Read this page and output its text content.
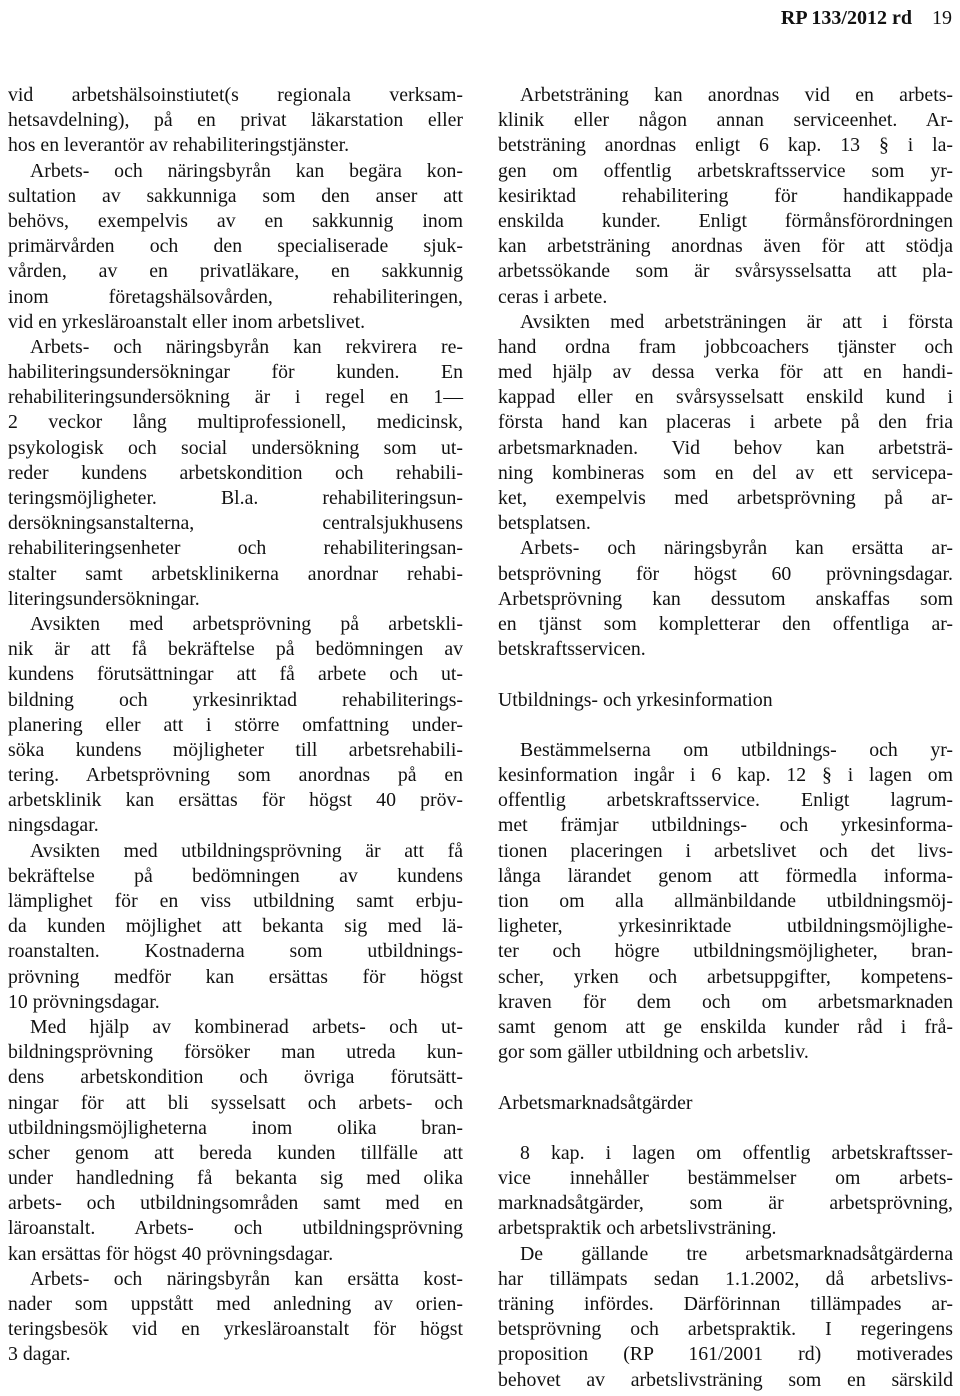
RP 133/2012 rd 19
vid arbetshälsoinstiutet(s regionala verksam-
hetsavdelning), på en privat läkarstation eller
hos en leverantör av rehabiliteringstjänster.
Arbets- och näringsbyrån kan begära kon-
sultation av sakkunniga som den anser att
behövs, exempelvis av en sakkunnig inom
primärvården och den specialiserade sjuk-
vården, av en privatläkare, en sakkunnig
inom företagshälsovården, rehabiliteringen,
vid en yrkesläroanstalt eller inom arbetslivet.
Arbets- och näringsbyrån kan rekvirera re-
habiliteringsundersökningar för kunden. En
rehabiliteringsundersökning är i regel en 1—
2 veckor lång multiprofessionell, medicinsk,
psykologisk och social undersökning som ut-
reder kundens arbetskondition och rehabili-
teringsmöjligheter. Bl.a. rehabiliteringsun-
dersökningsanstalterna, centralsjukhusens
rehabiliteringsenheter och rehabiliteringsan-
stalter samt arbetsklinikerna anordnar rehabi-
literingsundersökningar.
Avsikten med arbetsprövning på arbetskli-
nik är att få bekräftelse på bedömningen av
kundens förutsättningar att få arbete och ut-
bildning och yrkesinriktad rehabiliterings-
planering eller att i större omfattning under-
söka kundens möjligheter till arbetsrehabili-
tering. Arbetsprövning som anordnas på en
arbetsklinik kan ersättas för högst 40 pröv-
ningsdagar.
Avsikten med utbildningsprövning är att få
bekräftelse på bedömningen av kundens
lämplighet för en viss utbildning samt erbju-
da kunden möjlighet att bekanta sig med lä-
roanstalten. Kostnaderna som utbildnings-
prövning medför kan ersättas för högst
10 prövningsdagar.
Med hjälp av kombinerad arbets- och ut-
bildningsprövning försöker man utreda kun-
dens arbetskondition och övriga förutsätt-
ningar för att bli sysselsatt och arbets- och
utbildningsmöjligheterna inom olika bran-
scher genom att bereda kunden tillfälle att
under handledning få bekanta sig med olika
arbets- och utbildningsområden samt med en
läroanstalt. Arbets- och utbildningsprövning
kan ersättas för högst 40 prövningsdagar.
Arbets- och näringsbyrån kan ersätta kost-
nader som uppstått med anledning av orien-
teringsbesök vid en yrkesläroanstalt för högst
3 dagar.
Arbetsträning kan anordnas vid en arbets-
klinik eller någon annan serviceenhet. Ar-
betsträning anordnas enligt 6 kap. 13 § i la-
gen om offentlig arbetskraftsservice som yr-
kesiriktad rehabilitering för handikappade
enskilda kunder. Enligt förmånsförordningen
kan arbetsträning anordnas även för att stödja
arbetssökande som är svårsysselsatta att pla-
ceras i arbete.
Avsikten med arbetsträningen är att i första
hand ordna fram jobbcoachers tjänster och
med hjälp av dessa verka för att en handi-
kappad eller en svårsysselsatt enskild kund i
första hand kan placeras i arbete på den fria
arbetsmarknaden. Vid behov kan arbetsträ-
ning kombineras som en del av ett servicepa-
ket, exempelvis med arbetsprövning på ar-
betsplatsen.
Arbets- och näringsbyrån kan ersätta ar-
betsprövning för högst 60 prövningsdagar.
Arbetsprövning kan dessutom anskaffas som
en tjänst som kompletterar den offentliga ar-
betskraftsservicen.
Utbildnings- och yrkesinformation
Bestämmelserna om utbildnings- och yr-
kesinformation ingår i 6 kap. 12 § i lagen om
offentlig arbetskraftsservice. Enligt lagrum-
met främjar utbildnings- och yrkesinforma-
tionen placeringen i arbetslivet och det livs-
långa lärandet genom att förmedla informa-
tion om alla allmänbildande utbildningsmöj-
ligheter, yrkesinriktade utbildningsmöjlighe-
ter och högre utbildningsmöjligheter, bran-
scher, yrken och arbetsuppgifter, kompetens-
kraven för dem och om arbetsmarknaden
samt genom att ge enskilda kunder råd i frå-
gor som gäller utbildning och arbetsliv.
Arbetsmarknadsåtgärder
8 kap. i lagen om offentlig arbetskraftsser-
vice innehåller bestämmelser om arbets-
marknadsåtgärder, som är arbetsprövning,
arbetspraktik och arbetslivsträning.
De gällande tre arbetsmarknadsåtgärderna
har tillämpats sedan 1.1.2002, då arbetslivs-
träning infördes. Därförinnan tillämpades ar-
betsprövning och arbetspraktik. I regeringens
proposition (RP 161/2001 rd) motiverades
behovet av arbetslivsträning som en särskild
